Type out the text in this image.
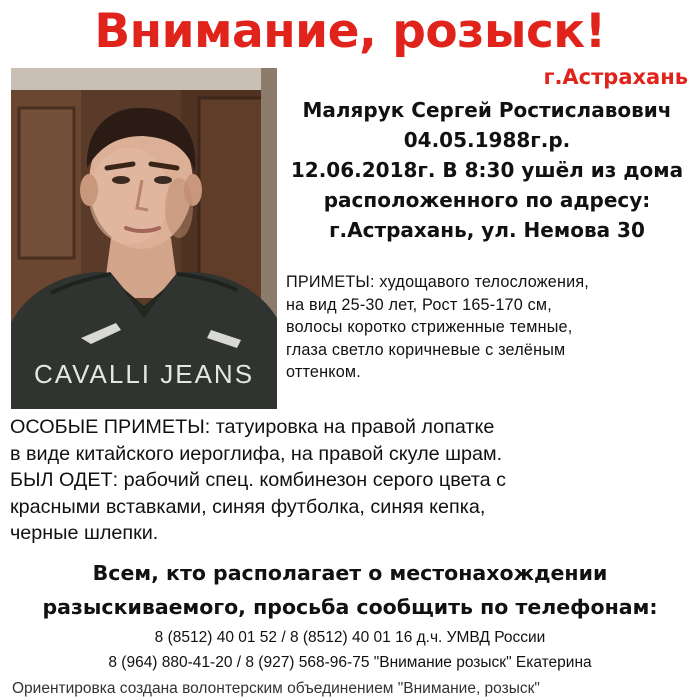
Внимание, розыск!
г.Астрахань
CAVALLI JEANS
Малярук Сергей Ростиславович
04.05.1988г.р.
12.06.2018г. В 8:30 ушёл из дома
расположенного по адресу:
г.Астрахань, ул. Немова 30
ПРИМЕТЫ: худощавого телосложения,
на вид 25-30 лет, Рост 165-170 см,
волосы коротко стриженные темные,
глаза светло коричневые с зелёным
оттенком.
ОСОБЫЕ ПРИМЕТЫ: татуировка на правой лопатке
в виде китайского иероглифа, на правой скуле шрам.
БЫЛ ОДЕТ: рабочий спец. комбинезон серого цвета с
красными вставками, синяя футболка, синяя кепка,
черные шлепки.
Всем, кто располагает о местонахождении
разыскиваемого, просьба сообщить по телефонам:
8 (8512) 40 01 52 / 8 (8512) 40 01 16 д.ч. УМВД России
8 (964) 880-41-20 / 8 (927) 568-96-75 "Внимание розыск" Екатерина
Ориентировка создана волонтерским объединением "Внимание, розыск"
